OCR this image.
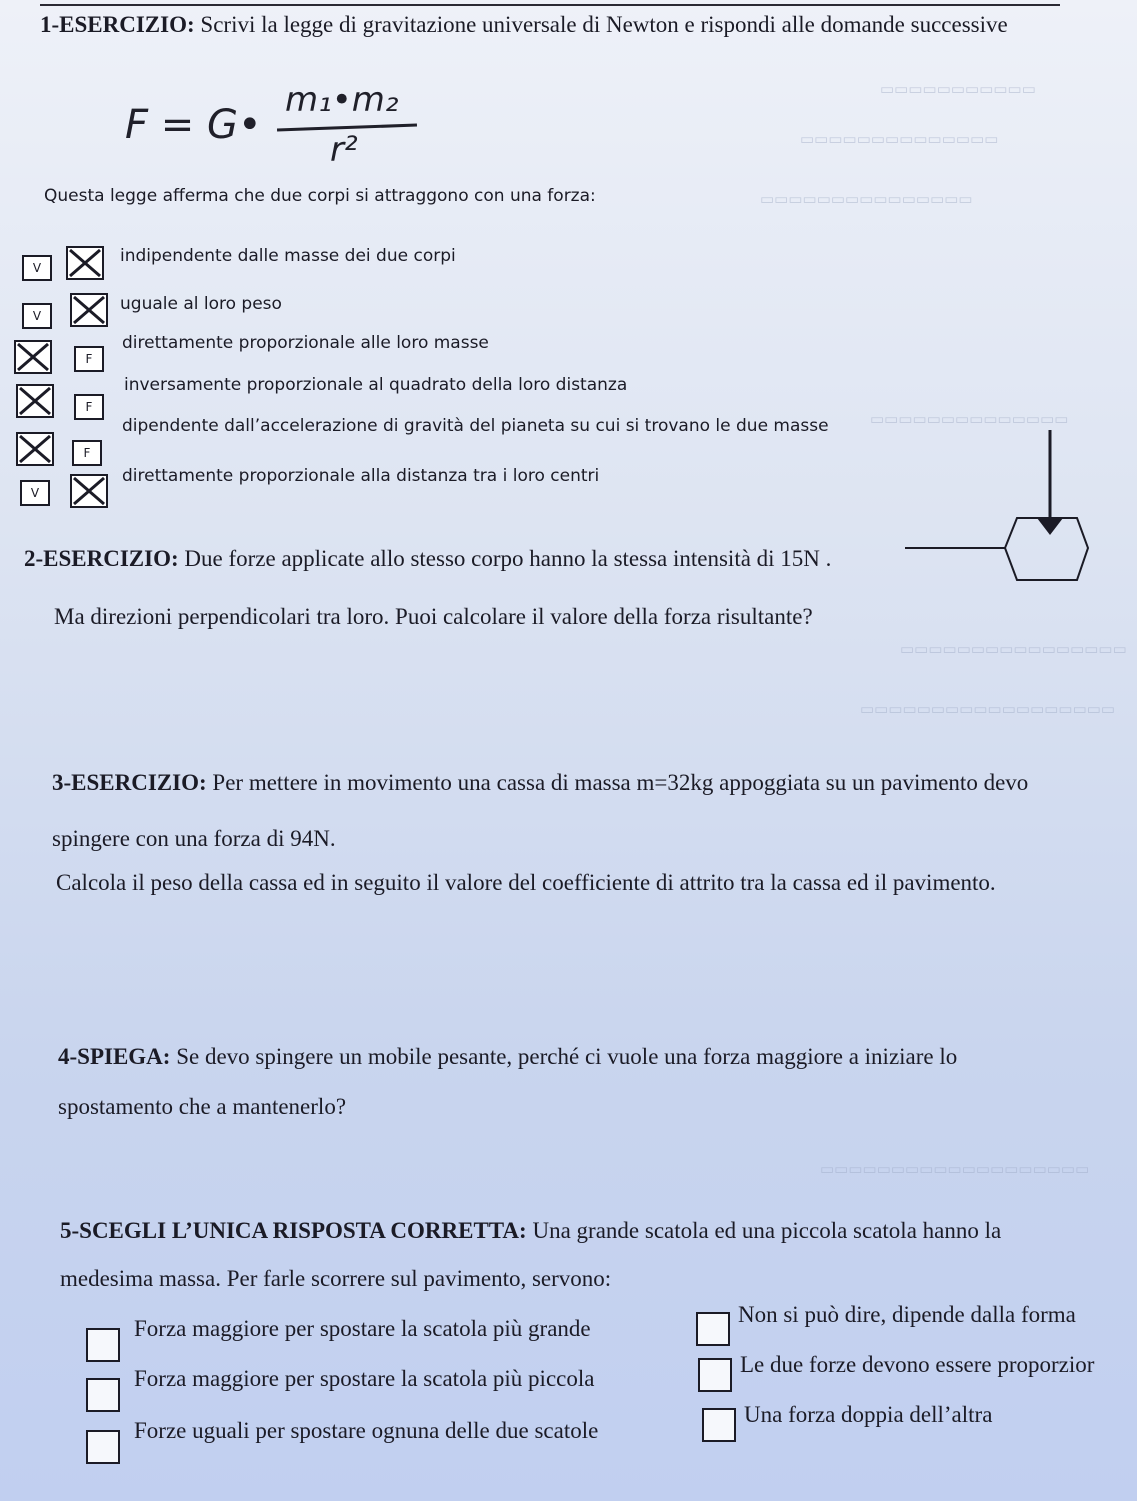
▭▭▭▭▭▭▭▭▭▭▭
▭▭▭▭▭▭▭▭▭▭▭▭▭▭
▭▭▭▭▭▭▭▭▭▭▭▭▭▭▭
▭▭▭▭▭▭▭▭▭▭▭▭▭▭
▭▭▭▭▭▭▭▭▭▭▭▭▭▭▭▭
▭▭▭▭▭▭▭▭▭▭▭▭▭▭▭▭▭▭
▭▭▭▭▭▭▭▭▭▭▭▭▭▭▭▭▭▭▭
1-ESERCIZIO: Scrivi la legge di gravitazione universale di Newton e rispondi alle domande successive
F = G•
m₁•m₂
r²
Questa legge afferma che due corpi si attraggono con una forza:
V
indipendente dalle masse dei due corpi
V
uguale al loro peso
F
direttamente proporzionale alle loro masse
F
inversamente proporzionale al quadrato della loro distanza
F
dipendente dall’accelerazione di gravità del pianeta su cui si trovano le due masse
V
direttamente proporzionale alla distanza tra i loro centri
2-ESERCIZIO: Due forze applicate allo stesso corpo hanno la stessa intensità di 15N .
Ma direzioni perpendicolari tra loro. Puoi calcolare il valore della forza risultante?
3-ESERCIZIO: Per mettere in movimento una cassa di massa m=32kg appoggiata su un pavimento devo
spingere con una forza di 94N.
Calcola il peso della cassa ed in seguito il valore del coefficiente di attrito tra la cassa ed il pavimento.
4-SPIEGA: Se devo spingere un mobile pesante, perché ci vuole una forza maggiore a iniziare lo
spostamento che a mantenerlo?
5-SCEGLI L’UNICA RISPOSTA CORRETTA: Una grande scatola ed una piccola scatola hanno la
medesima massa. Per farle scorrere sul pavimento, servono:
Forza maggiore per spostare la scatola più grande
Forza maggiore per spostare la scatola più piccola
Forze uguali per spostare ognuna delle due scatole
Non si può dire, dipende dalla forma
Le due forze devono essere proporzior
Una forza doppia dell’altra
